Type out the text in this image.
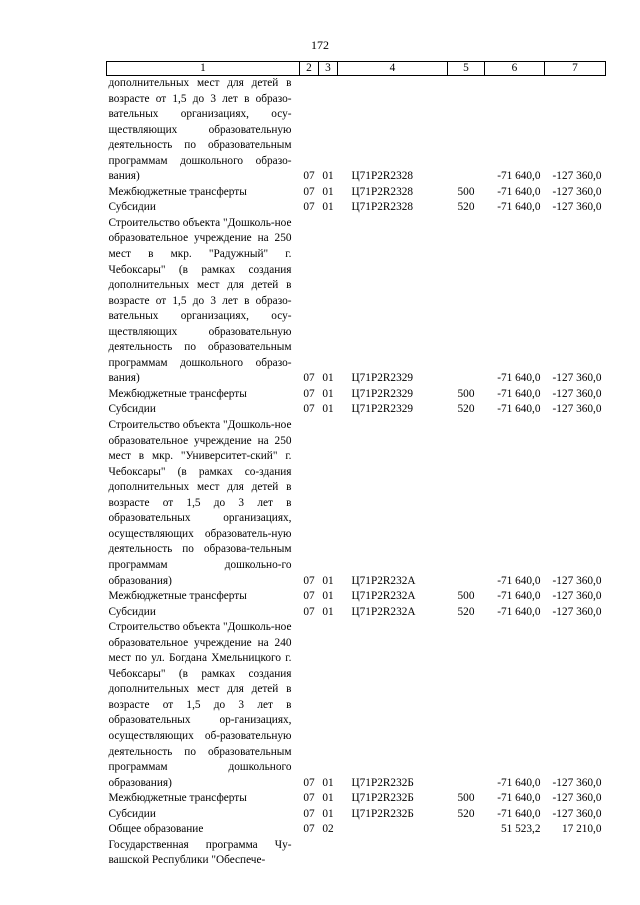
172
1	2	3	4	5	6	7
дополнительных мест для детей в возрасте от 1,5 до 3 лет в образо-вательных организациях, осу-ществляющих образовательную деятельность по образовательным программам дошкольного образо-вания)	07	01	Ц71Р2R2328		-71 640,0	-127 360,0
Межбюджетные трансферты	07	01	Ц71Р2R2328	500	-71 640,0	-127 360,0
Субсидии	07	01	Ц71Р2R2328	520	-71 640,0	-127 360,0
Строительство объекта "Дошколь-ное образовательное учреждение на 250 мест в мкр. "Радужный" г. Чебоксары" (в рамках создания дополнительных мест для детей в возрасте от 1,5 до 3 лет в образо-вательных организациях, осу-ществляющих образовательную деятельность по образовательным программам дошкольного образо-вания)	07	01	Ц71Р2R2329		-71 640,0	-127 360,0
Межбюджетные трансферты	07	01	Ц71Р2R2329	500	-71 640,0	-127 360,0
Субсидии	07	01	Ц71Р2R2329	520	-71 640,0	-127 360,0
Строительство объекта "Дошколь-ное образовательное учреждение на 250 мест в мкр. "Университет-ский" г. Чебоксары" (в рамках со-здания дополнительных мест для детей в возрасте от 1,5 до 3 лет в образовательных организациях, осуществляющих образователь-ную деятельность по образова-тельным программам дошкольно-го образования)	07	01	Ц71Р2R232А		-71 640,0	-127 360,0
Межбюджетные трансферты	07	01	Ц71Р2R232А	500	-71 640,0	-127 360,0
Субсидии	07	01	Ц71Р2R232А	520	-71 640,0	-127 360,0
Строительство объекта "Дошколь-ное образовательное учреждение на 240 мест по ул. Богдана Хмельницкого г. Чебоксары" (в рамках создания дополнительных мест для детей в возрасте от 1,5 до 3 лет в образовательных ор-ганизациях, осуществляющих об-разовательную деятельность по образовательным программам дошкольного образования)	07	01	Ц71Р2R232Б		-71 640,0	-127 360,0
Межбюджетные трансферты	07	01	Ц71Р2R232Б	500	-71 640,0	-127 360,0
Субсидии	07	01	Ц71Р2R232Б	520	-71 640,0	-127 360,0
Общее образование	07	02			51 523,2	17 210,0
Государственная программа Чу-вашской Республики "Обеспече-						
